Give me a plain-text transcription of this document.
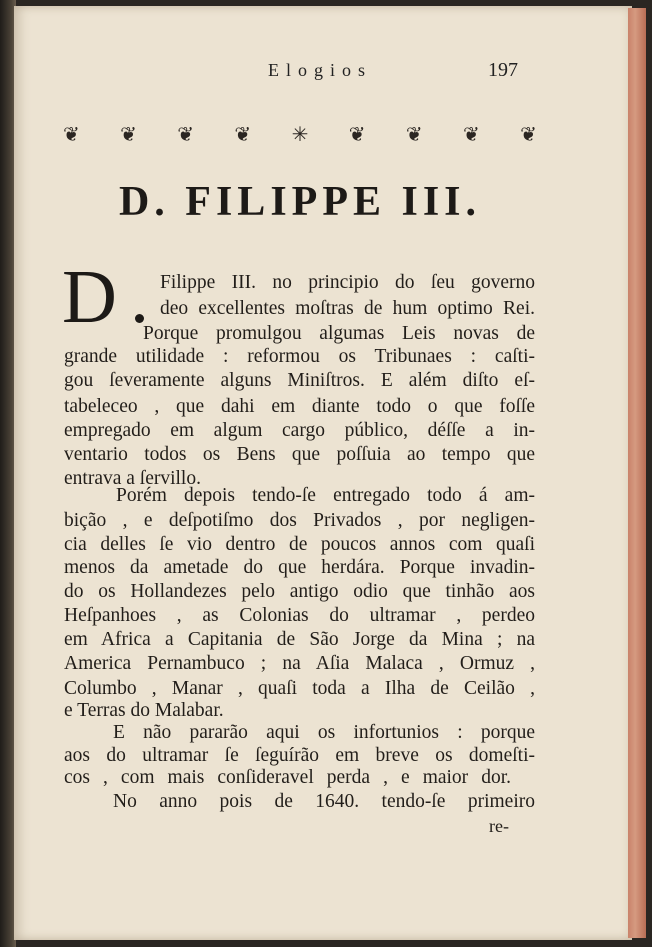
Elogios	197
❦ ❦ ❦ ❦ ✳ ❦ ❦ ❦ ❦
D. FILIPPE III.
D Filippe III. no principio do ſeu governo
deo excellentes moſtras de hum optimo Rei.
Porque promulgou algumas Leis novas de
grande utilidade : reformou os Tribunaes : caſti-
gou ſeveramente alguns Miniſtros. E além diſto eſ-
tabeleceo , que dahi em diante todo o que foſſe
empregado em algum cargo público, déſſe a in-
ventario todos os Bens que poſſuia ao tempo que
entrava a ſervillo.
Porém depois tendo-ſe entregado todo á am-
bição , e deſpotiſmo dos Privados , por negligen-
cia delles ſe vio dentro de poucos annos com quaſi
menos da ametade do que herdára. Porque invadin-
do os Hollandezes pelo antigo odio que tinhão aos
Heſpanhoes , as Colonias do ultramar , perdeo
em Africa a Capitania de São Jorge da Mina ; na
America Pernambuco ; na Aſia Malaca , Ormuz ,
Columbo , Manar , quaſi toda a Ilha de Ceilão ,
e Terras do Malabar.
E não pararão aqui os infortunios : porque
aos do ultramar ſe ſeguírão em breve os domeſti-
cos , com mais conſideravel perda , e maior dor.
No anno pois de 1640. tendo-ſe primeiro
re-
